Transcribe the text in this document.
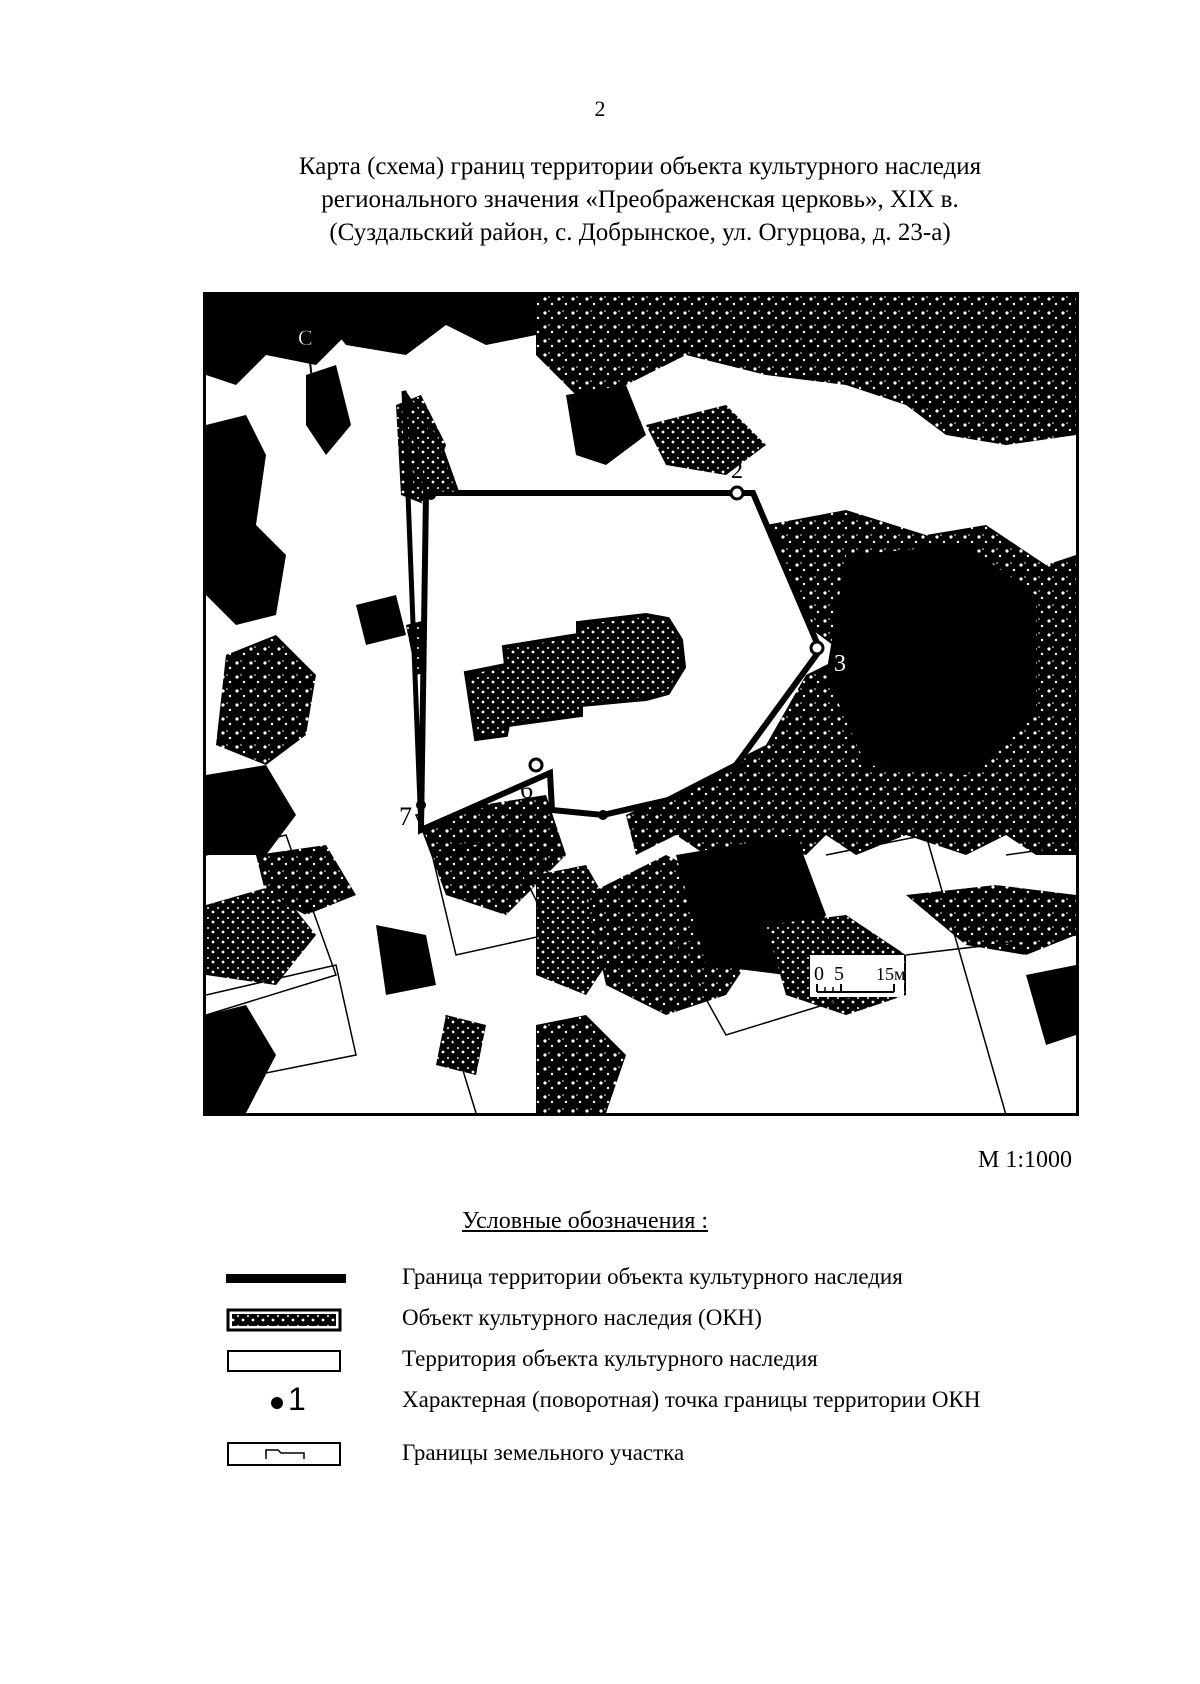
2
Карта (схема) границ территории объекта культурного наследия
регионального значения «Преображенская церковь», XIX в.
(Суздальский район, с. Добрынское, ул. Огурцова, д. 23-а)
1	2
3
4
5
6
7
С
0 5 15м
М 1:1000
Условные обозначения :
Граница территории объекта культурного наследия
Объект культурного наследия (ОКН)
Территория объекта культурного наследия
1	Характерная (поворотная) точка границы территории ОКН
Границы земельного участка
